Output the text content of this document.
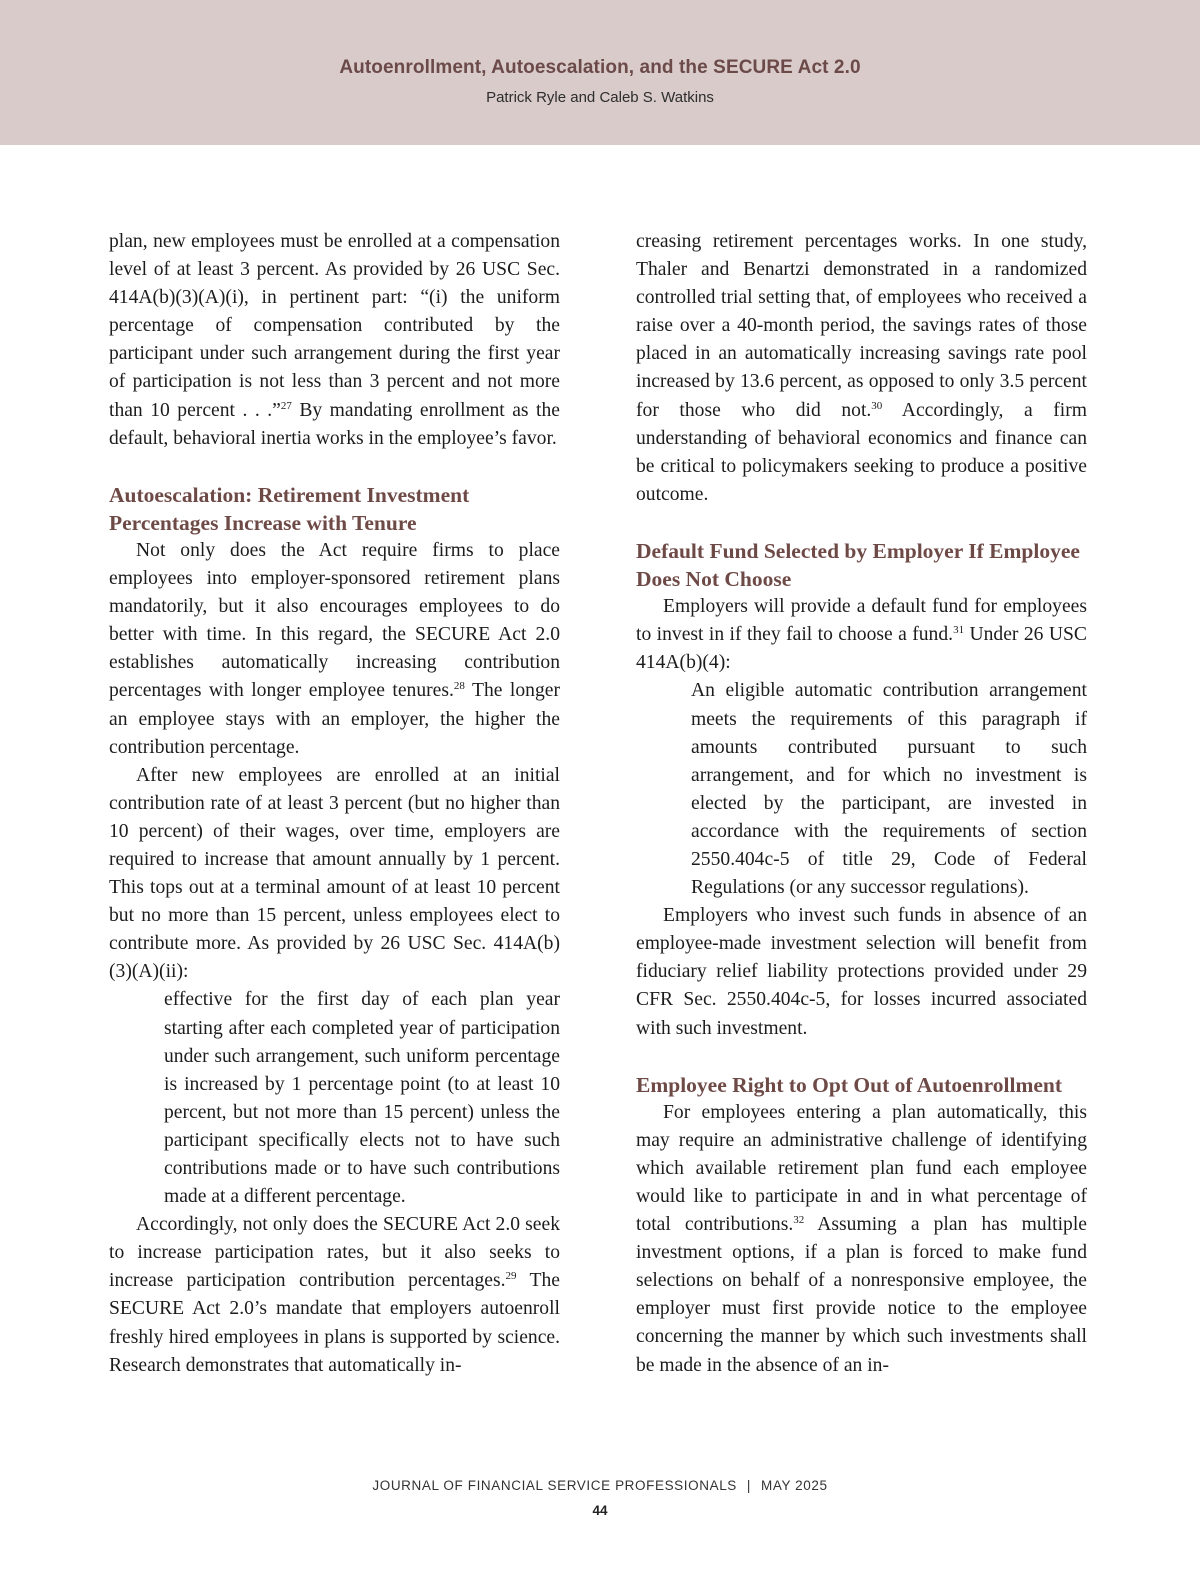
Autoenrollment, Autoescalation, and the SECURE Act 2.0
Patrick Ryle and Caleb S. Watkins

plan, new employees must be enrolled at a compensation level of at least 3 percent. As provided by 26 USC Sec. 414A(b)(3)(A)(i), in pertinent part: “(i) the uniform percentage of compensation contributed by the participant under such arrangement during the first year of participation is not less than 3 percent and not more than 10 percent . . .”$^{27}$ By mandating enrollment as the default, behavioral inertia works in the employee’s favor.

Autoescalation: Retirement Investment Percentages Increase with Tenure

Not only does the Act require firms to place employees into employer-sponsored retirement plans mandatorily, but it also encourages employees to do better with time. In this regard, the SECURE Act 2.0 establishes automatically increasing contribution percentages with longer employee tenures.$^{28}$ The longer an employee stays with an employer, the higher the contribution percentage.

After new employees are enrolled at an initial contribution rate of at least 3 percent (but no higher than 10 percent) of their wages, over time, employers are required to increase that amount annually by 1 percent. This tops out at a terminal amount of at least 10 percent but no more than 15 percent, unless employees elect to contribute more. As provided by 26 USC Sec. 414A(b)(3)(A)(ii):

effective for the first day of each plan year starting after each completed year of participation under such arrangement, such uniform percentage is increased by 1 percentage point (to at least 10 percent, but not more than 15 percent) unless the participant specifically elects not to have such contributions made or to have such contributions made at a different percentage.

Accordingly, not only does the SECURE Act 2.0 seek to increase participation rates, but it also seeks to increase participation contribution percentages.$^{29}$ The SECURE Act 2.0’s mandate that employers autoenroll freshly hired employees in plans is supported by science. Research demonstrates that automatically in-

creasing retirement percentages works. In one study, Thaler and Benartzi demonstrated in a randomized controlled trial setting that, of employees who received a raise over a 40-month period, the savings rates of those placed in an automatically increasing savings rate pool increased by 13.6 percent, as opposed to only 3.5 percent for those who did not.$^{30}$ Accordingly, a firm understanding of behavioral economics and finance can be critical to policymakers seeking to produce a positive outcome.

Default Fund Selected by Employer If Employee Does Not Choose

Employers will provide a default fund for employees to invest in if they fail to choose a fund.$^{31}$ Under 26 USC 414A(b)(4):

An eligible automatic contribution arrangement meets the requirements of this paragraph if amounts contributed pursuant to such arrangement, and for which no investment is elected by the participant, are invested in accordance with the requirements of section 2550.404c-5 of title 29, Code of Federal Regulations (or any successor regulations).

Employers who invest such funds in absence of an employee-made investment selection will benefit from fiduciary relief liability protections provided under 29 CFR Sec. 2550.404c-5, for losses incurred associated with such investment.

Employee Right to Opt Out of Autoenrollment

For employees entering a plan automatically, this may require an administrative challenge of identifying which available retirement plan fund each employee would like to participate in and in what percentage of total contributions.$^{32}$ Assuming a plan has multiple investment options, if a plan is forced to make fund selections on behalf of a nonresponsive employee, the employer must first provide notice to the employee concerning the manner by which such investments shall be made in the absence of an in-

JOURNAL OF FINANCIAL SERVICE PROFESSIONALS | MAY 2025
44
